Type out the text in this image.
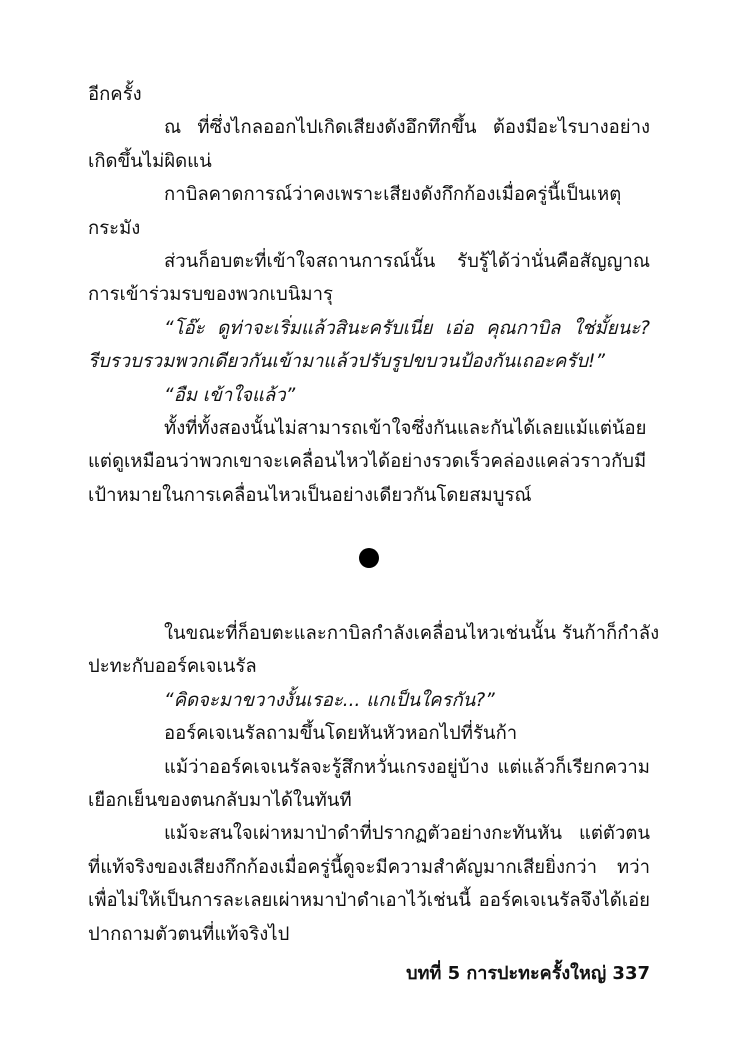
อีกครั้ง
ณ ที่ซึ่งไกลออกไปเกิดเสียงดังอึกทึกขึ้น ต้องมีอะไรบางอย่าง
เกิดขึ้นไม่ผิดแน่
กาบิลคาดการณ์ว่าคงเพราะเสียงดังกึกก้องเมื่อครู่นี้เป็นเหตุ
กระมัง
ส่วนก็อบตะที่เข้าใจสถานการณ์นั้น รับรู้ได้ว่านั่นคือสัญญาณ
การเข้าร่วมรบของพวกเบนิมารุ
“โอ๊ะ ดูท่าจะเริ่มแล้วสินะครับเนี่ย เอ่อ คุณกาบิล ใช่มั้ยนะ?
รีบรวบรวมพวกเดียวกันเข้ามาแล้วปรับรูปขบวนป้องกันเถอะครับ!”
“อืม เข้าใจแล้ว”
ทั้งที่ทั้งสองนั้นไม่สามารถเข้าใจซึ่งกันและกันได้เลยแม้แต่น้อย
แต่ดูเหมือนว่าพวกเขาจะเคลื่อนไหวได้อย่างรวดเร็วคล่องแคล่วราวกับมี
เป้าหมายในการเคลื่อนไหวเป็นอย่างเดียวกันโดยสมบูรณ์
ในขณะที่ก็อบตะและกาบิลกำลังเคลื่อนไหวเช่นนั้น รันก้าก็กำลัง
ปะทะกับออร์คเจเนรัล
“คิดจะมาขวางงั้นเรอะ... แกเป็นใครกัน?”
ออร์คเจเนรัลถามขึ้นโดยหันหัวหอกไปที่รันก้า
แม้ว่าออร์คเจเนรัลจะรู้สึกหวั่นเกรงอยู่บ้าง แต่แล้วก็เรียกความ
เยือกเย็นของตนกลับมาได้ในทันที
แม้จะสนใจเผ่าหมาป่าดำที่ปรากฏตัวอย่างกะทันหัน แต่ตัวตน
ที่แท้จริงของเสียงกึกก้องเมื่อครู่นี้ดูจะมีความสำคัญมากเสียยิ่งกว่า ทว่า
เพื่อไม่ให้เป็นการละเลยเผ่าหมาป่าดำเอาไว้เช่นนี้ ออร์คเจเนรัลจึงได้เอ่ย
ปากถามตัวตนที่แท้จริงไป
บทที่ 5 การปะทะครั้งใหญ่ 337
